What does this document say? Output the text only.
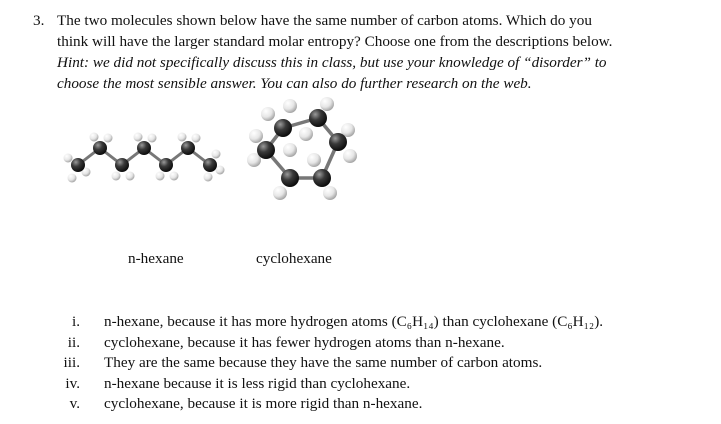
3. The two molecules shown below have the same number of carbon atoms. Which do you
think will have the larger standard molar entropy? Choose one from the descriptions below.
Hint: we did not specifically discuss this in class, but use your knowledge of “disorder” to
choose the most sensible answer. You can also do further research on the web.
n-hexane	cyclohexane
i. n-hexane, because it has more hydrogen atoms (C₆H₁₄) than cyclohexane (C₆H₁₂).
ii. cyclohexane, because it has fewer hydrogen atoms than n-hexane.
iii. They are the same because they have the same number of carbon atoms.
iv. n-hexane because it is less rigid than cyclohexane.
v. cyclohexane, because it is more rigid than n-hexane.
